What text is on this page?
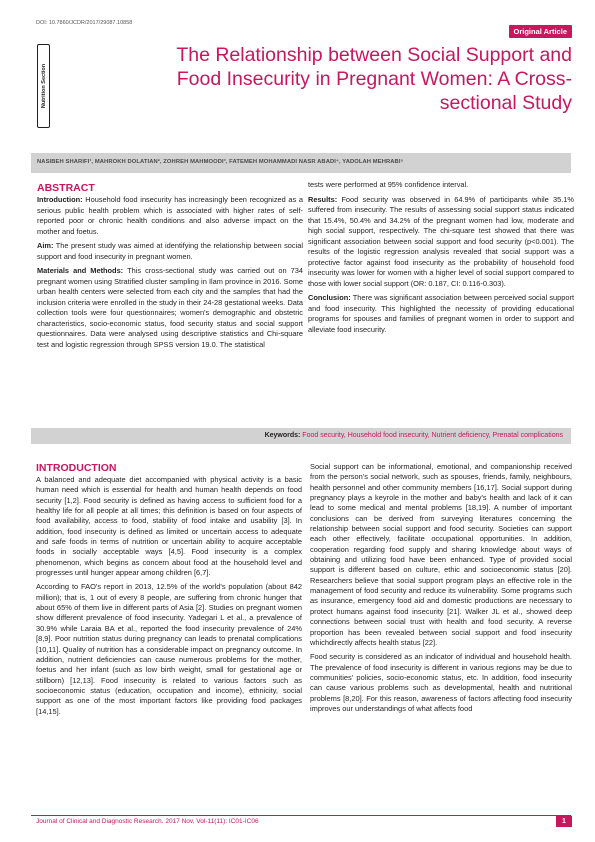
DOI: 10.7860/JCDR/2017/29087.10858
Original Article
Nutrition Section
The Relationship between Social Support and Food Insecurity in Pregnant Women: A Cross-sectional Study
NASIBEH SHARIFI¹, MAHROKH DOLATIAN², ZOHREH MAHMOODI³, FATEMEH MOHAMMADI NASR ABADI⁴, YADOLAH MEHRABI⁵
ABSTRACT

Introduction: Household food insecurity has increasingly been recognized as a serious public health problem which is associated with higher rates of self-reported poor or chronic health conditions and also adverse impact on the mother and foetus.

Aim: The present study was aimed at identifying the relationship between social support and food insecurity in pregnant women.

Materials and Methods: This cross-sectional study was carried out on 734 pregnant women using Stratified cluster sampling in Ilam province in 2016. Some urban health centers were selected from each city and the samples that had the inclusion criteria were enrolled in the study in their 24-28 gestational weeks. Data collection tools were four questionnaires; women's demographic and obstetric characteristics, socio-economic status, food security status and social support questionnaires. Data were analysed using descriptive statistics and Chi-square test and logistic regression through SPSS version 19.0. The statistical

tests were performed at 95% confidence interval.

Results: Food security was observed in 64.9% of participants while 35.1% suffered from insecurity. The results of assessing social support status indicated that 15.4%, 50.4% and 34.2% of the pregnant women had low, moderate and high social support, respectively. The chi-square test showed that there was significant association between social support and food security (p<0.001). The results of the logistic regression analysis revealed that social support was a protective factor against food insecurity as the probability of household food insecurity was lower for women with a higher level of social support compared to those with lower social support (OR: 0.187, CI: 0.116-0.303).

Conclusion: There was significant association between perceived social support and food insecurity. This highlighted the necessity of providing educational programs for spouses and families of pregnant women in order to support and alleviate food insecurity.

Keywords: Food security, Household food insecurity, Nutrient deficiency, Prenatal complications
INTRODUCTION

A balanced and adequate diet accompanied with physical activity is a basic human need which is essential for health and human health depends on food security [1,2]. Food security is defined as having access to sufficient food for a healthy life for all people at all times; this definition is based on four aspects of food availability, access to food, stability of food intake and usability [3]. In addition, food insecurity is defined as limited or uncertain access to adequate and safe foods in terms of nutrition or uncertain ability to acquire acceptable foods in socially acceptable ways [4,5]. Food insecurity is a complex phenomenon, which begins as concern about food at the household level and progresses until hunger appear among children [6,7].

According to FAO's report in 2013, 12.5% of the world's population (about 842 million); that is, 1 out of every 8 people, are suffering from chronic hunger that about 65% of them live in different parts of Asia [2]. Studies on pregnant women show different prevalence of food insecurity. Yadegari L et al., a prevalence of 30.9% while Laraia BA et al., reported the food insecurity prevalence of 24% [8,9]. Poor nutrition status during pregnancy can leads to prenatal complications [10,11]. Quality of nutrition has a considerable impact on pregnancy outcome. In addition, nutrient deficiencies can cause numerous problems for the mother, foetus and her infant (such as low birth weight, small for gestational age or stillborn) [12,13]. Food insecurity is related to various factors such as socioeconomic status (education, occupation and income), ethnicity, social support as one of the most important factors like providing food packages [14,15].

Social support can be informational, emotional, and companionship received from the person's social network, such as spouses, friends, family, neighbours, health personnel and other community members [16,17]. Social support during pregnancy plays a keyrole in the mother and baby's health and lack of it can lead to some medical and mental problems [18,19]. A number of important conclusions can be derived from surveying literatures concerning the relationship between social support and food security. Societies can support each other effectively, facilitate occupational opportunities. In addition, cooperation regarding food supply and sharing knowledge about ways of obtaining and utilizing food have been enhanced. Type of provided social support is different based on culture, ethic and socioeconomic status [20]. Researchers believe that social support program plays an effective role in the management of food security and reduce its vulnerability. Some programs such as insurance, emergency food aid and domestic productions are necessary to protect humans against food insecurity [21]. Walker JL et al., showed deep connections between social trust with health and food security. A reverse proportion has been revealed between social support and food insecurity whichdirectly affects health status [22].

Food security is considered as an indicator of individual and household health. The prevalence of food insecurity is different in various regions may be due to communities' policies, socio-economic status, etc. In addition, food insecurity can cause various problems such as developmental, health and nutritional problems [8,20]. For this reason, awareness of factors affecting food insecurity improves our understandings of what affects food

Journal of Clinical and Diagnostic Research. 2017 Nov, Vol-11(11): IC01-IC06	1
